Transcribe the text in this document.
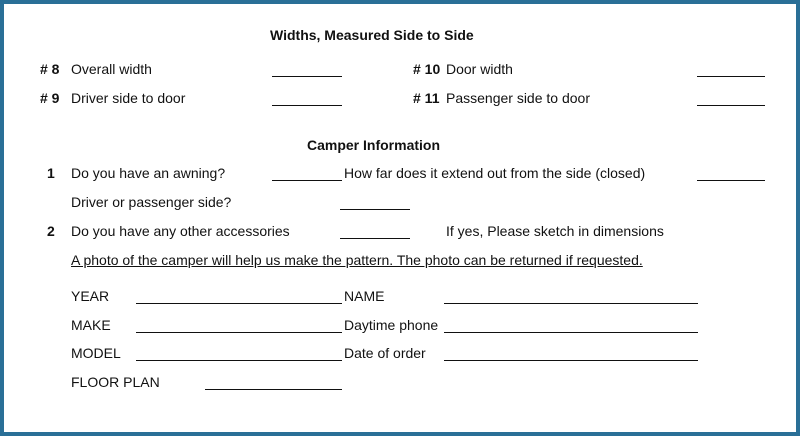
Widths, Measured Side to Side
# 8 Overall width	# 10 Door width
# 9 Driver side to door	# 11 Passenger side to door
Camper Information
1 Do you have an awning?	How far does it extend out from the side (closed)
Driver or passenger side?
2 Do you have any other accessories	If yes, Please sketch in dimensions
A photo of the camper will help us make the pattern. The photo can be returned if requested.
YEAR	NAME
MAKE	Daytime phone
MODEL	Date of order
FLOOR PLAN
